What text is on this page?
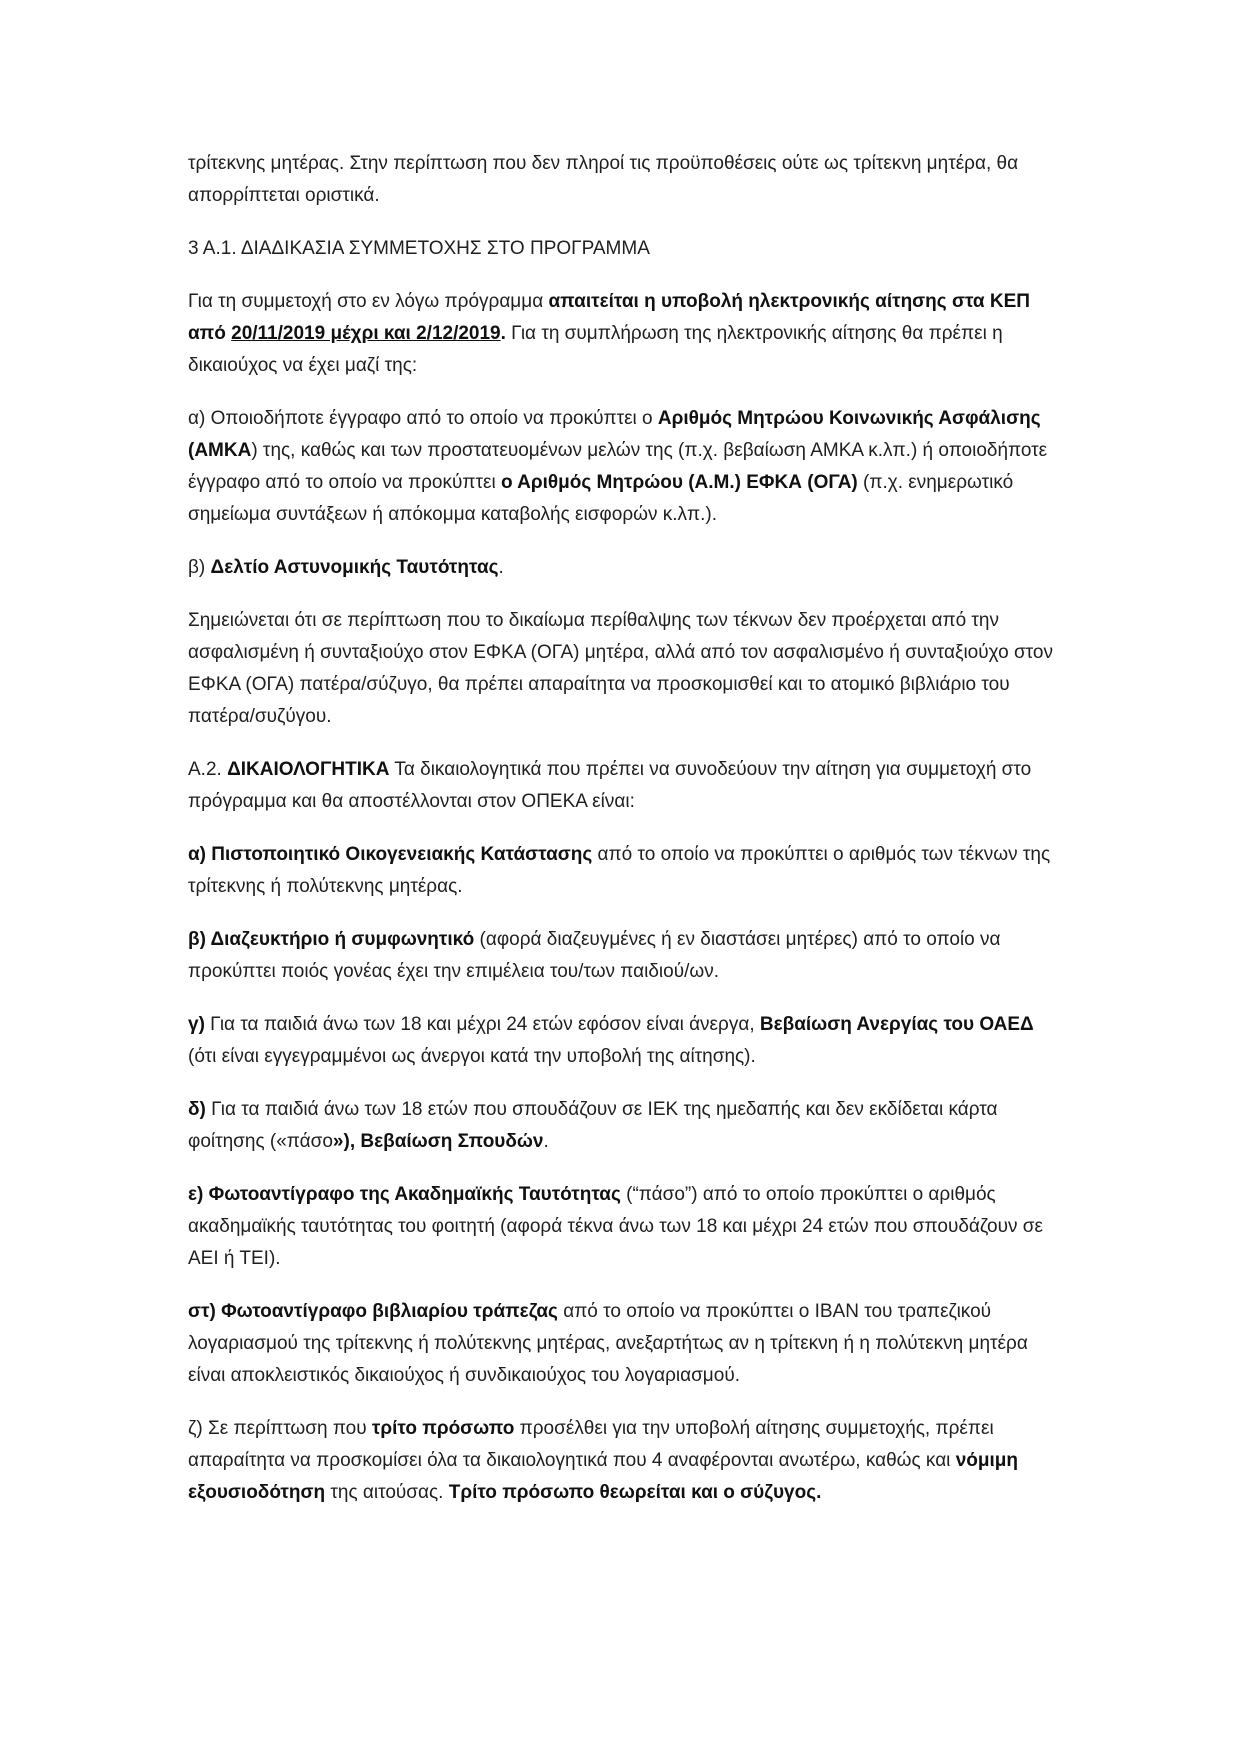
τρίτεκνης μητέρας. Στην περίπτωση που δεν πληροί τις προϋποθέσεις ούτε ως τρίτεκνη μητέρα, θα απορρίπτεται οριστικά.

3 Α.1. ΔΙΑΔΙΚΑΣΙΑ ΣΥΜΜΕΤΟΧΗΣ ΣΤΟ ΠΡΟΓΡΑΜΜΑ

Για τη συμμετοχή στο εν λόγω πρόγραμμα απαιτείται η υποβολή ηλεκτρονικής αίτησης στα ΚΕΠ από 20/11/2019 μέχρι και 2/12/2019. Για τη συμπλήρωση της ηλεκτρονικής αίτησης θα πρέπει η δικαιούχος να έχει μαζί της:

α) Οποιοδήποτε έγγραφο από το οποίο να προκύπτει ο Αριθμός Μητρώου Κοινωνικής Ασφάλισης (ΑΜΚΑ) της, καθώς και των προστατευομένων μελών της (π.χ. βεβαίωση ΑΜΚΑ κ.λπ.) ή οποιοδήποτε έγγραφο από το οποίο να προκύπτει ο Αριθμός Μητρώου (Α.Μ.) ΕΦΚΑ (ΟΓΑ) (π.χ. ενημερωτικό σημείωμα συντάξεων ή απόκομμα καταβολής εισφορών κ.λπ.).

β) Δελτίο Αστυνομικής Ταυτότητας.

Σημειώνεται ότι σε περίπτωση που το δικαίωμα περίθαλψης των τέκνων δεν προέρχεται από την ασφαλισμένη ή συνταξιούχο στον ΕΦΚΑ (ΟΓΑ) μητέρα, αλλά από τον ασφαλισμένο ή συνταξιούχο στον ΕΦΚΑ (ΟΓΑ) πατέρα/σύζυγο, θα πρέπει απαραίτητα να προσκομισθεί και το ατομικό βιβλιάριο του πατέρα/συζύγου.

Α.2. ΔΙΚΑΙΟΛΟΓΗΤΙΚΑ Τα δικαιολογητικά που πρέπει να συνοδεύουν την αίτηση για συμμετοχή στο πρόγραμμα και θα αποστέλλονται στον ΟΠΕΚΑ είναι:

α) Πιστοποιητικό Οικογενειακής Κατάστασης από το οποίο να προκύπτει ο αριθμός των τέκνων της τρίτεκνης ή πολύτεκνης μητέρας.

β) Διαζευκτήριο ή συμφωνητικό (αφορά διαζευγμένες ή εν διαστάσει μητέρες) από το οποίο να προκύπτει ποιός γονέας έχει την επιμέλεια του/των παιδιού/ων.

γ) Για τα παιδιά άνω των 18 και μέχρι 24 ετών εφόσον είναι άνεργα, Βεβαίωση Ανεργίας του ΟΑΕΔ (ότι είναι εγγεγραμμένοι ως άνεργοι κατά την υποβολή της αίτησης).

δ) Για τα παιδιά άνω των 18 ετών που σπουδάζουν σε ΙΕΚ της ημεδαπής και δεν εκδίδεται κάρτα φοίτησης («πάσο»), Βεβαίωση Σπουδών.

ε) Φωτοαντίγραφο της Ακαδημαϊκής Ταυτότητας (“πάσο”) από το οποίο προκύπτει ο αριθμός ακαδημαϊκής ταυτότητας του φοιτητή (αφορά τέκνα άνω των 18 και μέχρι 24 ετών που σπουδάζουν σε ΑΕΙ ή ΤΕΙ).

στ) Φωτοαντίγραφο βιβλιαρίου τράπεζας από το οποίο να προκύπτει ο IBAN του τραπεζικού λογαριασμού της τρίτεκνης ή πολύτεκνης μητέρας, ανεξαρτήτως αν η τρίτεκνη ή η πολύτεκνη μητέρα είναι αποκλειστικός δικαιούχος ή συνδικαιούχος του λογαριασμού.

ζ) Σε περίπτωση που τρίτο πρόσωπο προσέλθει για την υποβολή αίτησης συμμετοχής, πρέπει απαραίτητα να προσκομίσει όλα τα δικαιολογητικά που 4 αναφέρονται ανωτέρω, καθώς και νόμιμη εξουσιοδότηση της αιτούσας. Τρίτο πρόσωπο θεωρείται και ο σύζυγος.
